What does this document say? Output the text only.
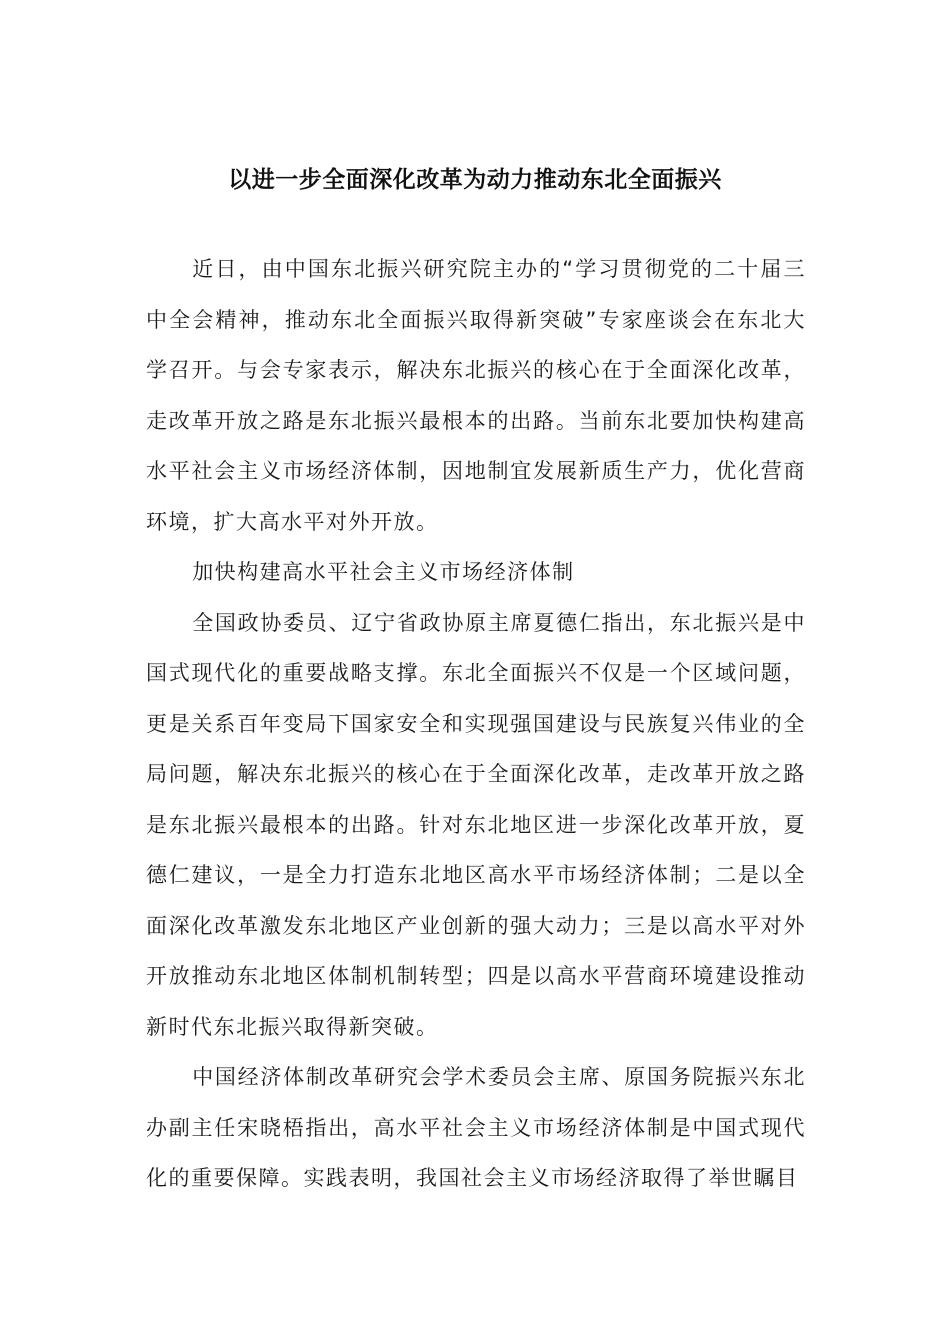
以进一步全面深化改革为动力推动东北全面振兴

近日，由中国东北振兴研究院主办的“学习贯彻党的二十届三中全会精神，推动东北全面振兴取得新突破”专家座谈会在东北大学召开。与会专家表示，解决东北振兴的核心在于全面深化改革，走改革开放之路是东北振兴最根本的出路。当前东北要加快构建高水平社会主义市场经济体制，因地制宜发展新质生产力，优化营商环境，扩大高水平对外开放。

加快构建高水平社会主义市场经济体制

全国政协委员、辽宁省政协原主席夏德仁指出，东北振兴是中国式现代化的重要战略支撑。东北全面振兴不仅是一个区域问题，更是关系百年变局下国家安全和实现强国建设与民族复兴伟业的全局问题，解决东北振兴的核心在于全面深化改革，走改革开放之路是东北振兴最根本的出路。针对东北地区进一步深化改革开放，夏德仁建议，一是全力打造东北地区高水平市场经济体制；二是以全面深化改革激发东北地区产业创新的强大动力；三是以高水平对外开放推动东北地区体制机制转型；四是以高水平营商环境建设推动新时代东北振兴取得新突破。

中国经济体制改革研究会学术委员会主席、原国务院振兴东北办副主任宋晓梧指出，高水平社会主义市场经济体制是中国式现代化的重要保障。实践表明，我国社会主义市场经济取得了举世瞩目
